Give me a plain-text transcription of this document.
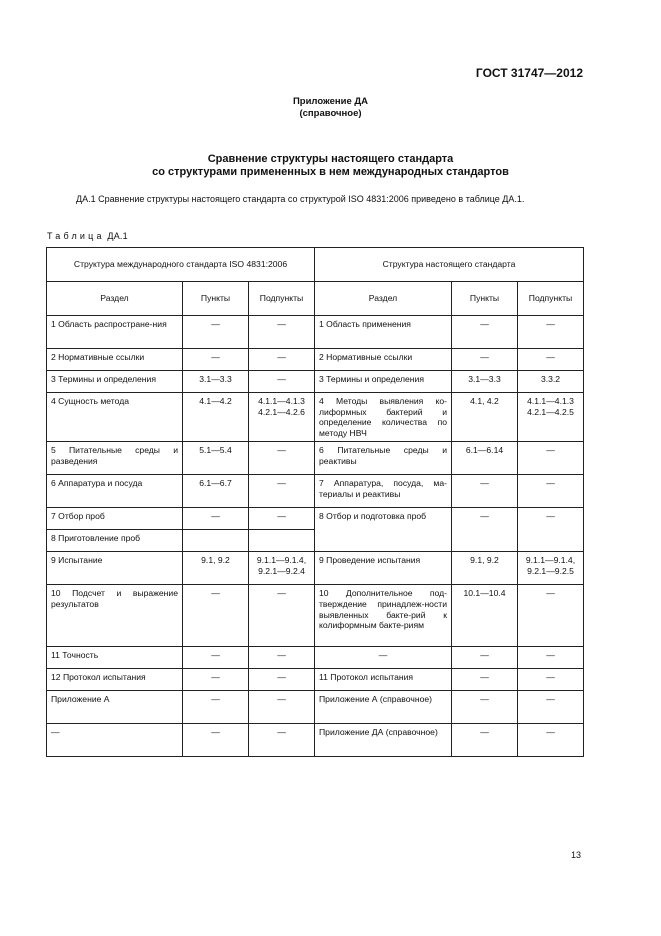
ГОСТ 31747—2012
Приложение ДА
(справочное)
Сравнение структуры настоящего стандарта
со структурами примененных в нем международных стандартов
ДА.1 Сравнение структуры настоящего стандарта со структурой ISO 4831:2006 приведено в таблице ДА.1.
Таблица ДА.1
Структура международного стандарта ISO 4831:2006			Структура настоящего стандарта		
Раздел	Пункты	Подпункты	Раздел	Пункты	Подпункты
1 Область распростране-ния	—	—	1 Область применения	—	—
2 Нормативные ссылки	—	—	2 Нормативные ссылки	—	—
3 Термины и определения	3.1—3.3	—	3 Термины и определения	3.1—3.3	3.3.2
4 Сущность метода	4.1—4.2	4.1.1—4.1.3 4.2.1—4.2.6	4 Методы выявления ко-лиформных бактерий и определение количества по методу НВЧ	4.1, 4.2	4.1.1—4.1.3 4.2.1—4.2.5
5 Питательные среды и разведения	5.1—5.4	—	6 Питательные среды и реактивы	6.1—6.14	—
6 Аппаратура и посуда	6.1—6.7	—	7 Аппаратура, посуда, ма-териалы и реактивы	—	—
7 Отбор проб	—	—	8 Отбор и подготовка проб	—	—
8 Приготовление проб					
9 Испытание	9.1, 9.2	9.1.1—9.1.4, 9.2.1—9.2.4	9 Проведение испытания	9.1, 9.2	9.1.1—9.1.4, 9.2.1—9.2.5
10 Подсчет и выражение результатов	—	—	10 Дополнительное под-тверждение принадлеж-ности выявленных бакте-рий к колиформным бакте-риям	10.1—10.4	—
11 Точность	—	—	—	—	—
12 Протокол испытания	—	—	11 Протокол испытания	—	—
Приложение А	—	—	Приложение А (справочное)	—	—
—	—	—	Приложение ДА (справочное)	—	—
13
